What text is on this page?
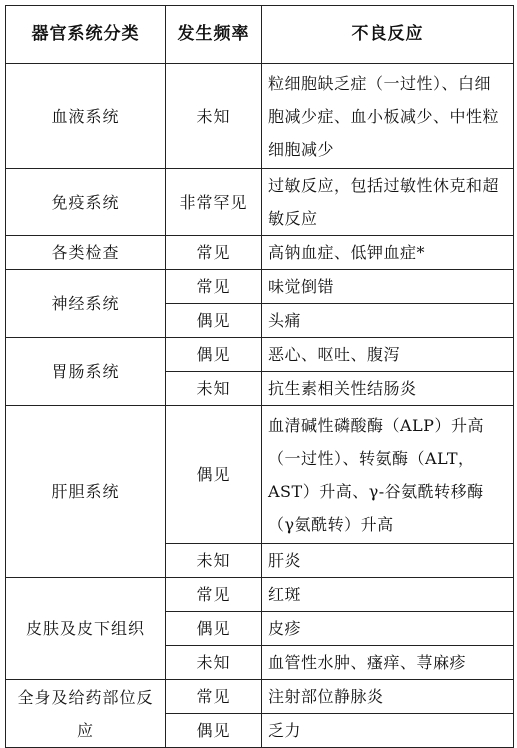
器官系统分类	发生频率	不良反应
血液系统	未知	粒细胞缺乏症（一过性）、白细胞减少症、血小板减少、中性粒细胞减少
免疫系统	非常罕见	过敏反应，包括过敏性休克和超敏反应
各类检查	常见	高钠血症、低钾血症*
神经系统	常见	味觉倒错
	偶见	头痛
胃肠系统	偶见	恶心、呕吐、腹泻
	未知	抗生素相关性结肠炎
肝胆系统	偶见	血清碱性磷酸酶（ALP）升高（一过性）、转氨酶（ALT，AST）升高、γ-谷氨酰转移酶（γ氨酰转）升高
	未知	肝炎
皮肤及皮下组织	常见	红斑
	偶见	皮疹
	未知	血管性水肿、瘙痒、荨麻疹
全身及给药部位反应	常见	注射部位静脉炎
	偶见	乏力
